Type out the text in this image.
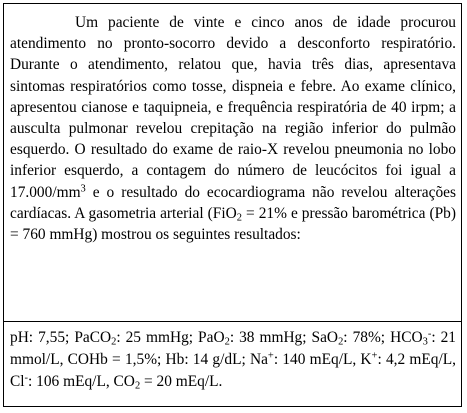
Um paciente de vinte e cinco anos de idade procurou atendimento no pronto-socorro devido a desconforto respiratório. Durante o atendimento, relatou que, havia três dias, apresentava sintomas respiratórios como tosse, dispneia e febre. Ao exame clínico, apresentou cianose e taquipneia, e frequência respiratória de 40 irpm; a ausculta pulmonar revelou crepitação na região inferior do pulmão esquerdo. O resultado do exame de raio-X revelou pneumonia no lobo inferior esquerdo, a contagem do número de leucócitos foi igual a $17.000/mm^3$ e o resultado do ecocardiograma não revelou alterações cardíacas. A gasometria arterial (FiO$_2$ = 21% e pressão barométrica (Pb) = 760 mmHg) mostrou os seguintes resultados:

pH: 7,55; PaCO$_2$: 25 mmHg; PaO$_2$: 38 mmHg; SaO$_2$: 78%; $HCO_3^-$: 21 mmol/L, COHb = 1,5%; Hb: 14 g/dL; Na+: 140 mEq/L, K+: 4,2 mEq/L, Cl-: 106 mEq/L, $CO_2 = 20$ mEq/L.
